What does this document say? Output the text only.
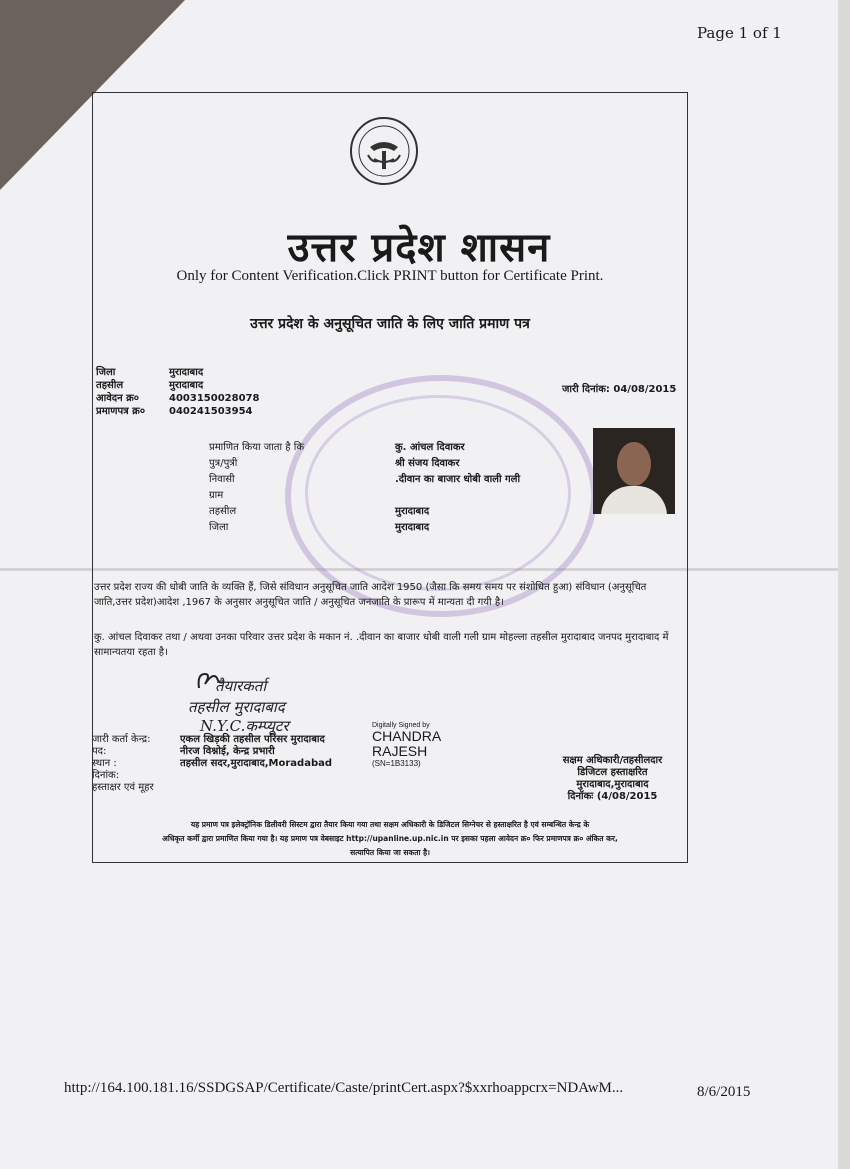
Page 1 of 1
उत्तर प्रदेश शासन
Only for Content Verification.Click PRINT button for Certificate Print.
उत्तर प्रदेश के अनुसूचित जाति के लिए जाति प्रमाण पत्र
जिला
तहसील
आवेदन क्र०
प्रमाणपत्र क्र०
मुरादाबाद
मुरादाबाद
4003150028078
040241503954
जारी दिनांक: 04/08/2015
प्रमाणित किया जाता है कि
पुत्र/पुत्री
निवासी
ग्राम
तहसील
जिला
कु. आंचल दिवाकर
श्री संजय दिवाकर
.दीवान का बाजार धोबी वाली गली
मुरादाबाद
मुरादाबाद
उत्तर प्रदेश राज्य की धोबी जाति के व्यक्ति हैं, जिसे संविधान अनुसूचित जाति आदेश 1950 (जैसा कि समय समय पर संशोधित हुआ) संविधान (अनुसूचित जाति,उत्तर प्रदेश)आदेश ,1967 के अनुसार अनुसूचित जाति / अनुसूचित जनजाति के प्रारूप में मान्यता दी गयी है।
कु. आंचल दिवाकर तथा / अथवा उनका परिवार उत्तर प्रदेश के मकान नं. .दीवान का बाजार धोबी वाली गली ग्राम मोहल्ला तहसील मुरादाबाद जनपद मुरादाबाद में सामान्यतया रहता है।
तैयारकर्ता
तहसील मुरादाबाद
N.Y.C.कम्प्यूटर
जारी कर्ता केन्द्र:
पद:
स्थान :
दिनांक:
हस्ताक्षर एवं मूहर
एकल खिड़की तहसील परिसर मुरादाबाद
नीरज विश्नोई, केन्द्र प्रभारी
तहसील सदर,मुरादाबाद,Moradabad
Digitally Signed by
CHANDRA
RAJESH
(SN=1B3133)	सक्षम अधिकारी/तहसीलदार
डिजिटल हस्ताक्षरित
मुरादाबाद,मुरादाबाद
दिनॉकः (4/08/2015
यह प्रमाण पत्र इलेक्ट्रॉनिक डिलीवरी सिस्टम द्वारा तैयार किया गया तथा सक्षम अधिकारी के डिजिटल सिग्नेचर से हस्ताक्षरित है एवं सम्बन्धित केन्द्र के
अधिकृत कर्मी द्वारा प्रमाणित किया गया है। यह प्रमाण पत्र वेबसाइट http://upanline.up.nic.in पर इसका पहला आवेदन क्र० फिर प्रमाणपत्र क्र० अंकित कर,
सत्यापित किया जा सकता है।
http://164.100.181.16/SSDGSAP/Certificate/Caste/printCert.aspx?$xxrhoappcrx=NDAwM...	8/6/2015
